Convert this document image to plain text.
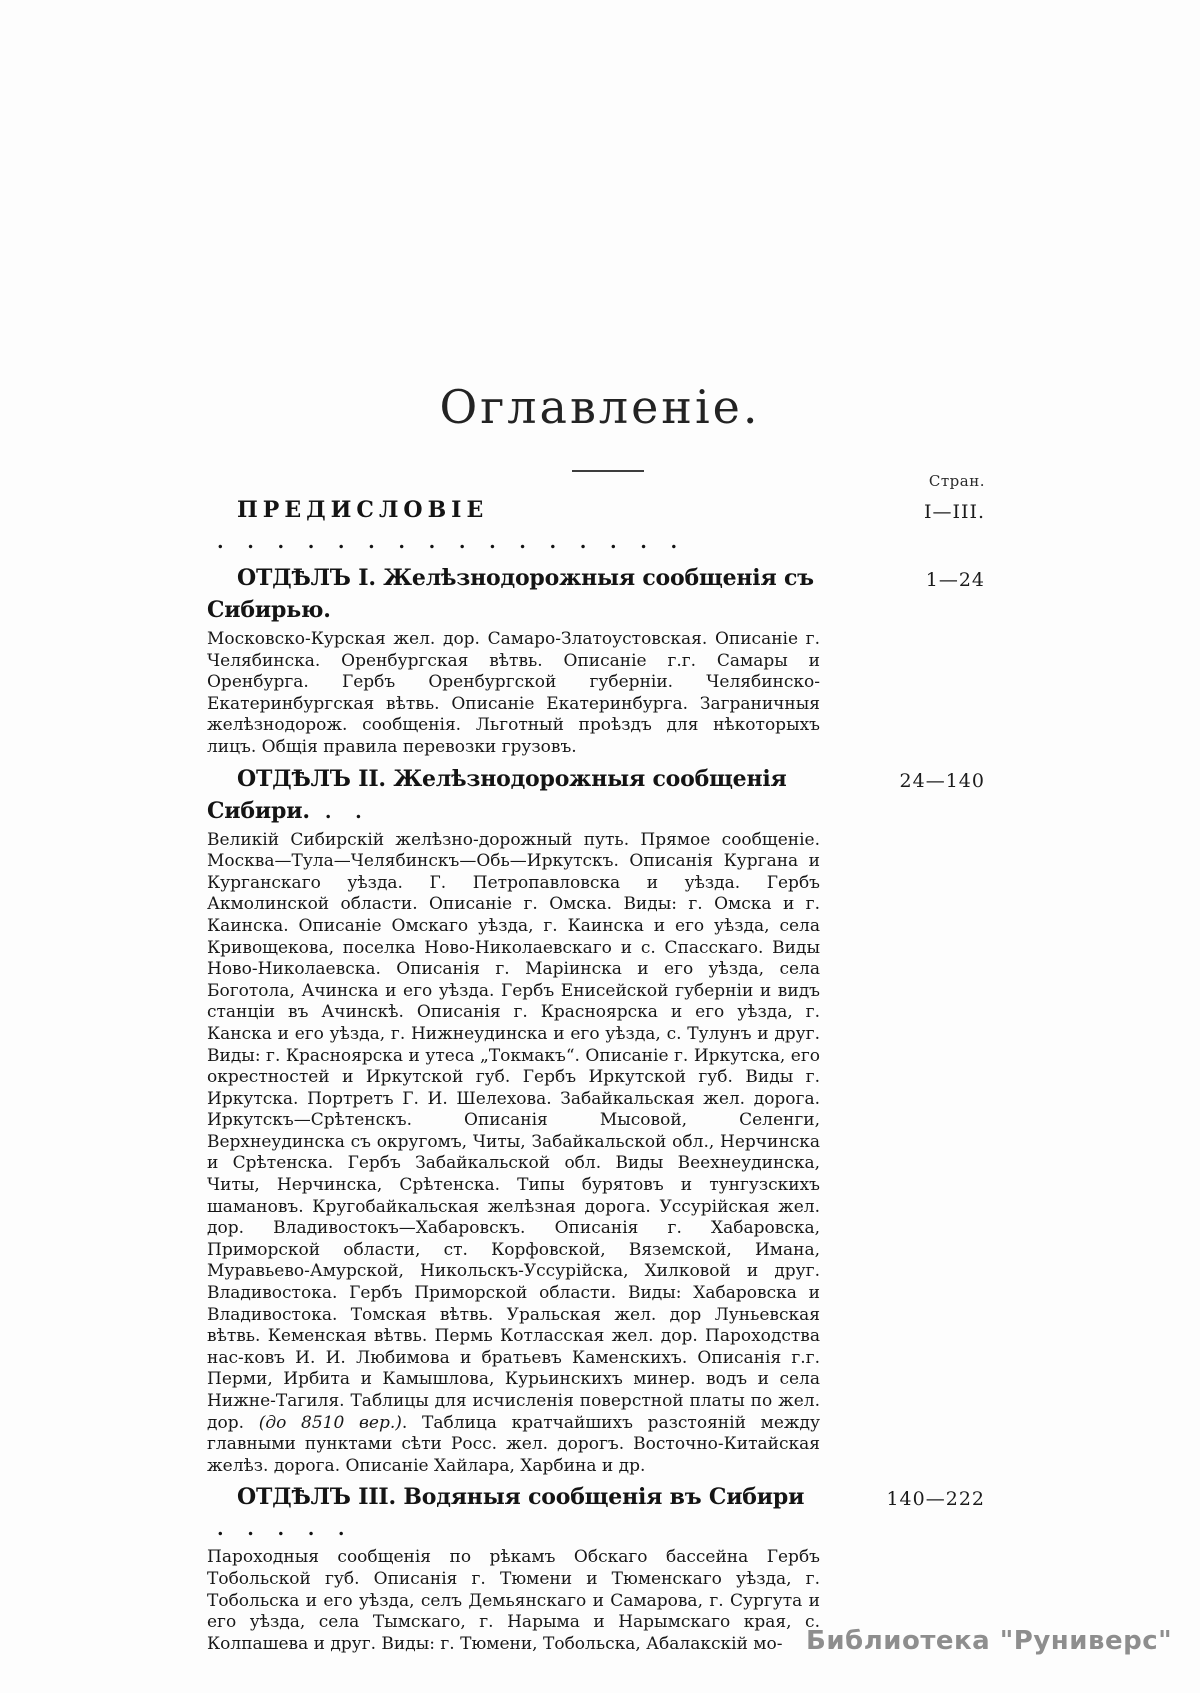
Оглавленіе.
Стран.
ПРЕДИСЛОВІЕ . . . . . . . . . . . . . . . .
I—III.
ОТДѢЛЪ I. Желѣзнодорожныя сообщенія съ Сибирью.
1—24

Московско-Курская жел. дор. Самаро-Златоустовская. Описаніе г. Челябинска. Оренбургская вѣтвь. Описаніе г.г. Самары и Оренбурга. Гербъ Оренбургской губерніи. Челябинско-Екатеринбургская вѣтвь. Описаніе Екатеринбурга. Заграничныя желѣзнодорож. сообщенія. Льготный проѣздъ для нѣкоторыхъ лицъ. Общія правила перевозки грузовъ.

ОТДѢЛЪ II. Желѣзнодорожныя сообщенія Сибири. . .
24—140

Великій Сибирскій желѣзно-дорожный путь. Прямое сообщеніе. Москва—Тула—Челябинскъ—Обь—Иркутскъ. Описанія Кургана и Курганскаго уѣзда. Г. Петропавловска и уѣзда. Гербъ Акмолинской области. Описаніе г. Омска. Виды: г. Омска и г. Каинска. Описаніе Омскаго уѣзда, г. Каинска и его уѣзда, села Кривощекова, поселка Ново-Николаевскаго и с. Спасскаго. Виды Ново-Николаевска. Описанія г. Маріинска и его уѣзда, села Боготола, Ачинска и его уѣзда. Гербъ Енисейской губерніи и видъ станціи въ Ачинскѣ. Описанія г. Красноярска и его уѣзда, г. Канска и его уѣзда, г. Нижнеудинска и его уѣзда, с. Тулунъ и друг. Виды: г. Красноярска и утеса „Токмакъ“. Описаніе г. Иркутска, его окрестностей и Иркутской губ. Гербъ Иркутской губ. Виды г. Иркутска. Портретъ Г. И. Шелехова. Забайкальская жел. дорога. Иркутскъ—Срѣтенскъ. Описанія Мысовой, Селенги, Верхнеудинска съ округомъ, Читы, Забайкальской обл., Нерчинска и Срѣтенска. Гербъ Забайкальской обл. Виды Веехнеудинска, Читы, Нерчинска, Срѣтенска. Типы бурятовъ и тунгузскихъ шамановъ. Кругобайкальская желѣзная дорога. Уссурійская жел. дор. Владивостокъ—Хабаровскъ. Описанія г. Хабаровска, Приморской области, ст. Корфовской, Вяземской, Имана, Муравьево-Амурской, Никольскъ-Уссурійска, Хилковой и друг. Владивостока. Гербъ Приморской области. Виды: Хабаровска и Владивостока. Томская вѣтвь. Уральская жел. дор Луньевская вѣтвь. Кеменская вѣтвь. Пермь Котласская жел. дор. Пароходства нас-ковъ И. И. Любимова и братьевъ Каменскихъ. Описанія г.г. Перми, Ирбита и Камышлова, Курьинскихъ минер. водъ и села Нижне-Тагиля. Таблицы для исчисленія поверстной платы по жел. дор. (до 8510 вер.). Таблица кратчайшихъ разстояній между главными пунктами сѣти Росс. жел. дорогъ. Восточно-Китайская желѣз. дорога. Описаніе Хайлара, Харбина и др.

ОТДѢЛЪ III. Водяныя сообщенія въ Сибири . . . . .
140—222

Пароходныя сообщенія по рѣкамъ Обскаго бассейна Гербъ Тобольской губ. Описанія г. Тюмени и Тюменскаго уѣзда, г. Тобольска и его уѣзда, селъ Демьянскаго и Самарова, г. Сургута и его уѣзда, села Тымскаго, г. Нарыма и Нарымскаго края, с. Колпашева и друг. Виды: г. Тюмени, Тобольска, Абалакскій мо- Библиотека "Руниверс"
